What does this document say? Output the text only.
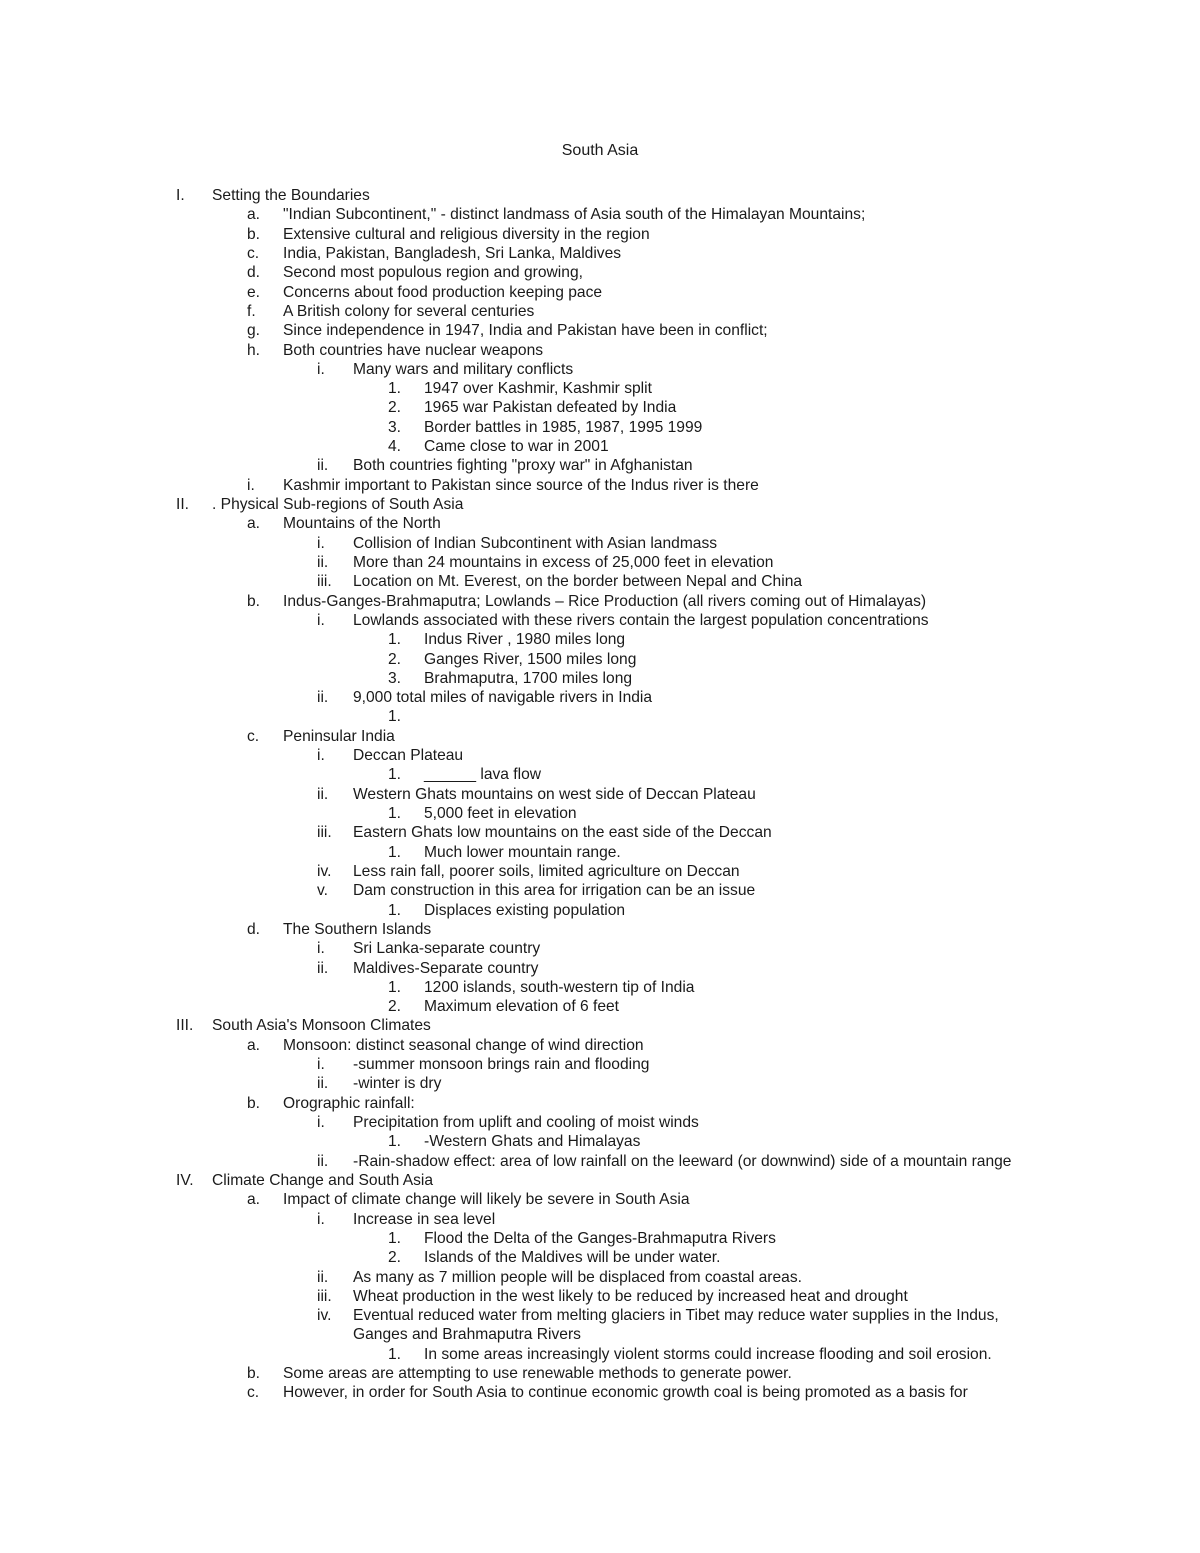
South Asia
I. Setting the Boundaries
a. "Indian Subcontinent," - distinct landmass of Asia south of the Himalayan Mountains;
b. Extensive cultural and religious diversity in the region
c. India, Pakistan, Bangladesh, Sri Lanka, Maldives
d. Second most populous region and growing,
e. Concerns about food production keeping pace
f. A British colony for several centuries
g. Since independence in 1947, India and Pakistan have been in conflict;
h. Both countries have nuclear weapons
i. Many wars and military conflicts
1. 1947 over Kashmir, Kashmir split
2. 1965 war Pakistan defeated by India
3. Border battles in 1985, 1987, 1995 1999
4. Came close to war in 2001
ii. Both countries fighting "proxy war" in Afghanistan
i. Kashmir important to Pakistan since source of the Indus river is there
II. . Physical Sub-regions of South Asia
a. Mountains of the North
i. Collision of Indian Subcontinent with Asian landmass
ii. More than 24 mountains in excess of 25,000 feet in elevation
iii. Location on Mt. Everest, on the border between Nepal and China
b. Indus-Ganges-Brahmaputra; Lowlands – Rice Production (all rivers coming out of Himalayas)
i. Lowlands associated with these rivers contain the largest population concentrations
1. Indus River , 1980 miles long
2. Ganges River, 1500 miles long
3. Brahmaputra, 1700 miles long
ii. 9,000 total miles of navigable rivers in India
1.
c. Peninsular India
i. Deccan Plateau
1. ______ lava flow
ii. Western Ghats mountains on west side of Deccan Plateau
1. 5,000 feet in elevation
iii. Eastern Ghats low mountains on the east side of the Deccan
1. Much lower mountain range.
iv. Less rain fall, poorer soils, limited agriculture on Deccan
v. Dam construction in this area for irrigation can be an issue
1. Displaces existing population
d. The Southern Islands
i. Sri Lanka-separate country
ii. Maldives-Separate country
1. 1200 islands, south-western tip of India
2. Maximum elevation of 6 feet
III. South Asia's Monsoon Climates
a. Monsoon: distinct seasonal change of wind direction
i. -summer monsoon brings rain and flooding
ii. -winter is dry
b. Orographic rainfall:
i. Precipitation from uplift and cooling of moist winds
1. -Western Ghats and Himalayas
ii. -Rain-shadow effect: area of low rainfall on the leeward (or downwind) side of a mountain range
IV. Climate Change and South Asia
a. Impact of climate change will likely be severe in South Asia
i. Increase in sea level
1. Flood the Delta of the Ganges-Brahmaputra Rivers
2. Islands of the Maldives will be under water.
ii. As many as 7 million people will be displaced from coastal areas.
iii. Wheat production in the west likely to be reduced by increased heat and drought
iv. Eventual reduced water from melting glaciers in Tibet may reduce water supplies in the Indus,
Ganges and Brahmaputra Rivers
1. In some areas increasingly violent storms could increase flooding and soil erosion.
b. Some areas are attempting to use renewable methods to generate power.
c. However, in order for South Asia to continue economic growth coal is being promoted as a basis for
